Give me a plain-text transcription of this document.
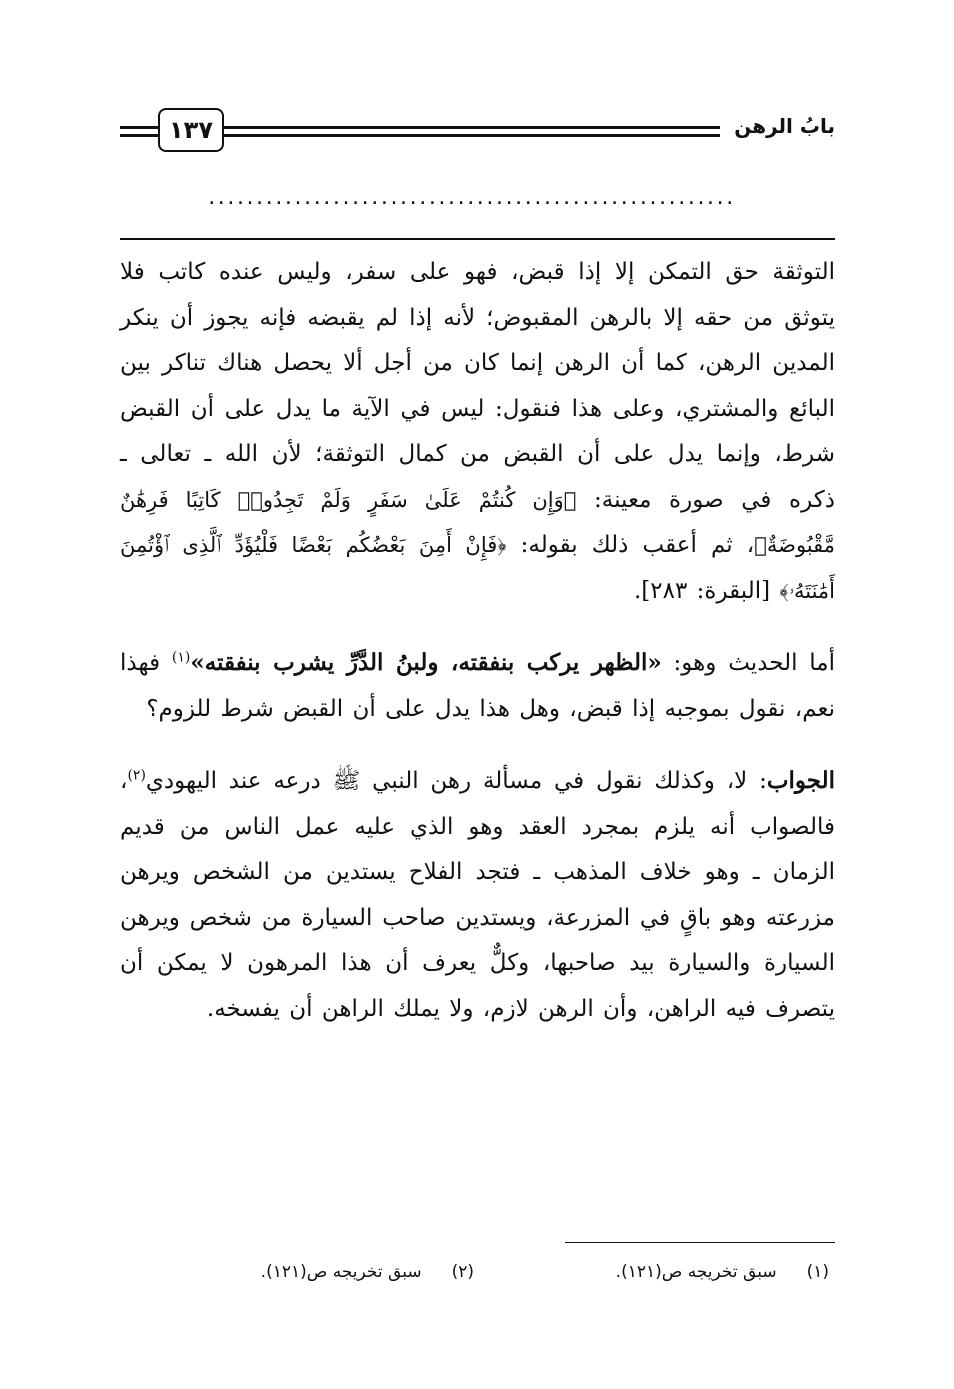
١٣٧	بابُ الرهن
.......................................................

التوثقة حق التمكن إلا إذا قبض، فهو على سفر، وليس عنده كاتب فلا يتوثق من حقه إلا بالرهن المقبوض؛ لأنه إذا لم يقبضه فإنه يجوز أن ينكر المدين الرهن، كما أن الرهن إنما كان من أجل ألا يحصل هناك تناكر بين البائع والمشتري، وعلى هذا فنقول: ليس في الآية ما يدل على أن القبض شرط، وإنما يدل على أن القبض من كمال التوثقة؛ لأن الله ـ تعالى ـ ذكره في صورة معينة: ﴿وَإِن كُنتُمْ عَلَىٰ سَفَرٍ وَلَمْ تَجِدُوا۟ كَاتِبًا فَرِهَٰنٌ مَّقْبُوضَةٌ﴾، ثم أعقب ذلك بقوله: ﴿فَإِنْ أَمِنَ بَعْضُكُم بَعْضًا فَلْيُؤَدِّ ٱلَّذِى ٱؤْتُمِنَ أَمَٰنَتَهُۥ﴾ [البقرة: ٢٨٣].

أما الحديث وهو: «الظهر يركب بنفقته، ولبنُ الدَّرِّ يشرب بنفقته»$^{(١)}$ فهذا نعم، نقول بموجبه إذا قبض، وهل هذا يدل على أن القبض شرط للزوم؟

الجواب: لا، وكذلك نقول في مسألة رهن النبي ﷺ درعه عند اليهودي$^{(٢)}$، فالصواب أنه يلزم بمجرد العقد وهو الذي عليه عمل الناس من قديم الزمان ـ وهو خلاف المذهب ـ فتجد الفلاح يستدين من الشخص ويرهن مزرعته وهو باقٍ في المزرعة، ويستدين صاحب السيارة من شخص ويرهن السيارة والسيارة بيد صاحبها، وكلٌّ يعرف أن هذا المرهون لا يمكن أن يتصرف فيه الراهن، وأن الرهن لازم، ولا يملك الراهن أن يفسخه.

(١)سبق تخريجه ص(١٢١).
(٢)سبق تخريجه ص(١٢١).
